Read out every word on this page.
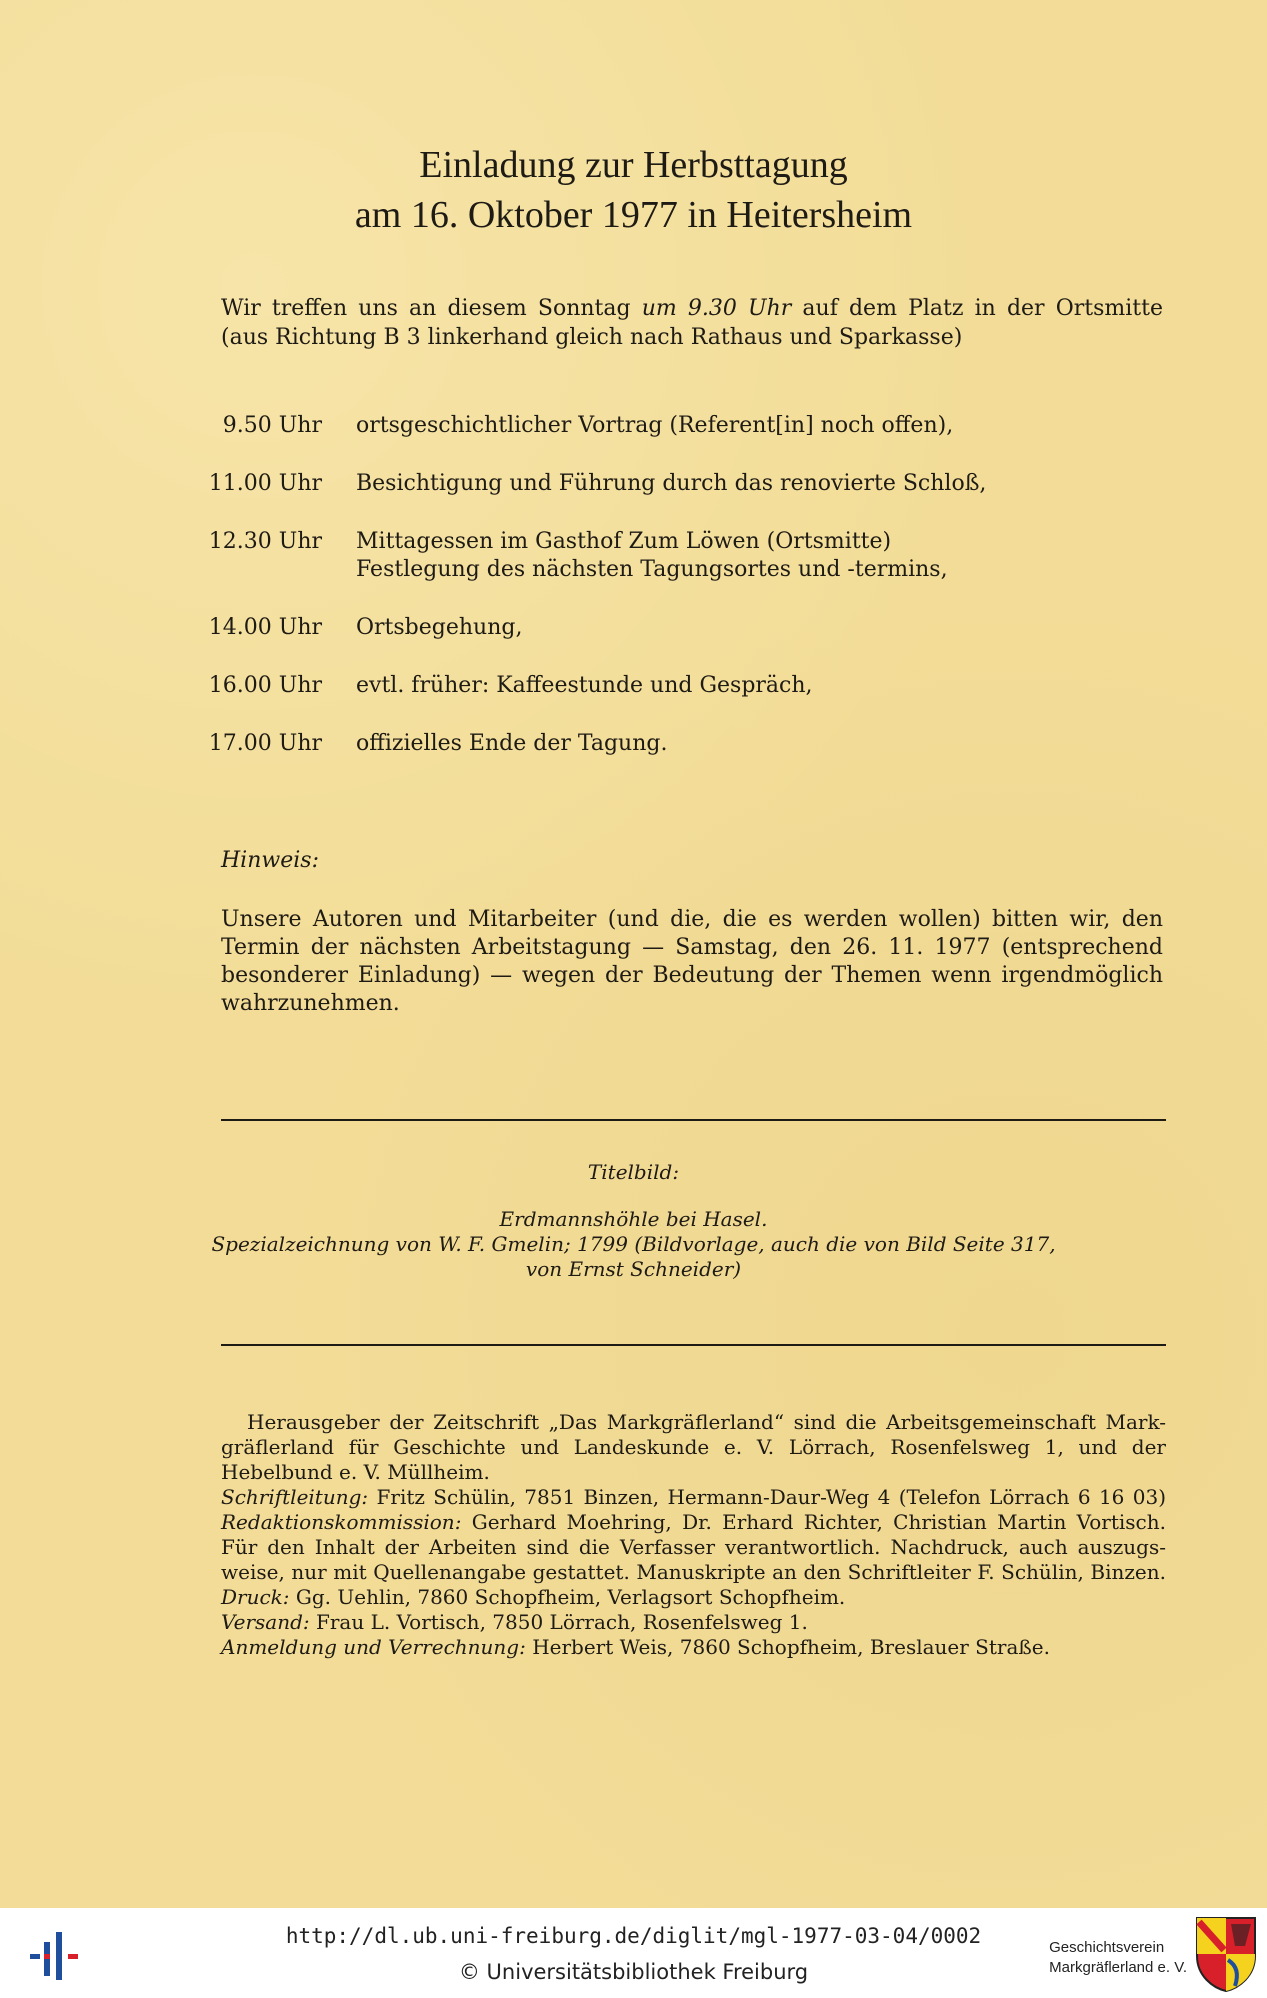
Einladung zur Herbsttagung
am 16. Oktober 1977 in Heitersheim

Wir treffen uns an diesem Sonntag um 9.30 Uhr auf dem Platz in der Ortsmitte
(aus Richtung B 3 linkerhand gleich nach Rathaus und Sparkasse)

9.50 Uhr ortsgeschichtlicher Vortrag (Referent[in] noch offen),
11.00 Uhr Besichtigung und Führung durch das renovierte Schloß,
12.30 Uhr Mittagessen im Gasthof Zum Löwen (Ortsmitte)
Festlegung des nächsten Tagungsortes und -termins,
14.00 Uhr Ortsbegehung,
16.00 Uhr evtl. früher: Kaffeestunde und Gespräch,
17.00 Uhr offizielles Ende der Tagung.

Hinweis:

Unsere Autoren und Mitarbeiter (und die, die es werden wollen) bitten wir, den Termin der nächsten Arbeitstagung — Samstag, den 26. 11. 1977 (entsprechend besonderer Einladung) — wegen der Bedeutung der Themen wenn irgendmöglich wahrzunehmen.

Titelbild:
Erdmannshöhle bei Hasel.
Spezialzeichnung von W. F. Gmelin; 1799 (Bildvorlage, auch die von Bild Seite 317,
von Ernst Schneider)

Herausgeber der Zeitschrift „Das Markgräflerland“ sind die Arbeitsgemeinschaft Mark-
gräflerland für Geschichte und Landeskunde e. V. Lörrach, Rosenfelsweg 1, und der
Hebelbund e. V. Müllheim.
Schriftleitung: Fritz Schülin, 7851 Binzen, Hermann-Daur-Weg 4 (Telefon Lörrach 6 16 03)
Redaktionskommission: Gerhard Moehring, Dr. Erhard Richter, Christian Martin Vortisch.
Für den Inhalt der Arbeiten sind die Verfasser verantwortlich. Nachdruck, auch auszugs-
weise, nur mit Quellenangabe gestattet. Manuskripte an den Schriftleiter F. Schülin, Binzen.
Druck: Gg. Uehlin, 7860 Schopfheim, Verlagsort Schopfheim.
Versand: Frau L. Vortisch, 7850 Lörrach, Rosenfelsweg 1.
Anmeldung und Verrechnung: Herbert Weis, 7860 Schopfheim, Breslauer Straße.

http://dl.ub.uni-freiburg.de/diglit/mgl-1977-03-04/0002
© Universitätsbibliothek Freiburg
Geschichtsverein
Markgräflerland e. V.
